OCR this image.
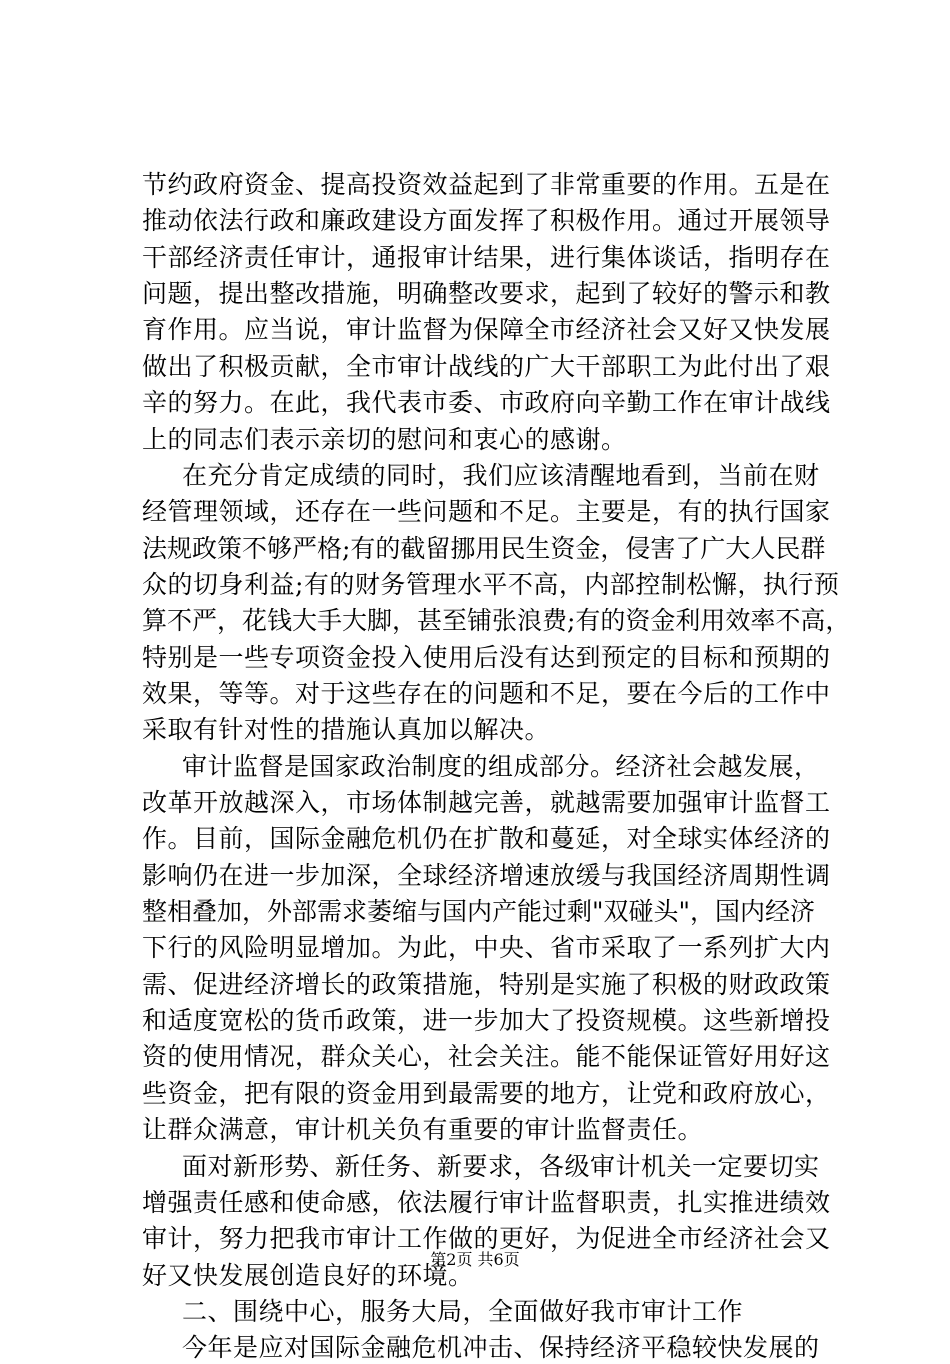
节约政府资金、提高投资效益起到了非常重要的作用。五是在
推动依法行政和廉政建设方面发挥了积极作用。通过开展领导
干部经济责任审计，通报审计结果，进行集体谈话，指明存在
问题，提出整改措施，明确整改要求，起到了较好的警示和教
育作用。应当说，审计监督为保障全市经济社会又好又快发展
做出了积极贡献，全市审计战线的广大干部职工为此付出了艰
辛的努力。在此，我代表市委、市政府向辛勤工作在审计战线
上的同志们表示亲切的慰问和衷心的感谢。
在充分肯定成绩的同时，我们应该清醒地看到，当前在财
经管理领域，还存在一些问题和不足。主要是，有的执行国家
法规政策不够严格;有的截留挪用民生资金，侵害了广大人民群
众的切身利益;有的财务管理水平不高，内部控制松懈，执行预
算不严，花钱大手大脚，甚至铺张浪费;有的资金利用效率不高，
特别是一些专项资金投入使用后没有达到预定的目标和预期的
效果，等等。对于这些存在的问题和不足，要在今后的工作中
采取有针对性的措施认真加以解决。
审计监督是国家政治制度的组成部分。经济社会越发展，
改革开放越深入，市场体制越完善，就越需要加强审计监督工
作。目前，国际金融危机仍在扩散和蔓延，对全球实体经济的
影响仍在进一步加深，全球经济增速放缓与我国经济周期性调
整相叠加，外部需求萎缩与国内产能过剩"双碰头"，国内经济
下行的风险明显增加。为此，中央、省市采取了一系列扩大内
需、促进经济增长的政策措施，特别是实施了积极的财政政策
和适度宽松的货币政策，进一步加大了投资规模。这些新增投
资的使用情况，群众关心，社会关注。能不能保证管好用好这
些资金，把有限的资金用到最需要的地方，让党和政府放心，
让群众满意，审计机关负有重要的审计监督责任。
面对新形势、新任务、新要求，各级审计机关一定要切实
增强责任感和使命感，依法履行审计监督职责，扎实推进绩效
审计，努力把我市审计工作做的更好，为促进全市经济社会又
好又快发展创造良好的环境。
二、围绕中心，服务大局，全面做好我市审计工作
今年是应对国际金融危机冲击、保持经济平稳较快发展的
第2页 共6页
